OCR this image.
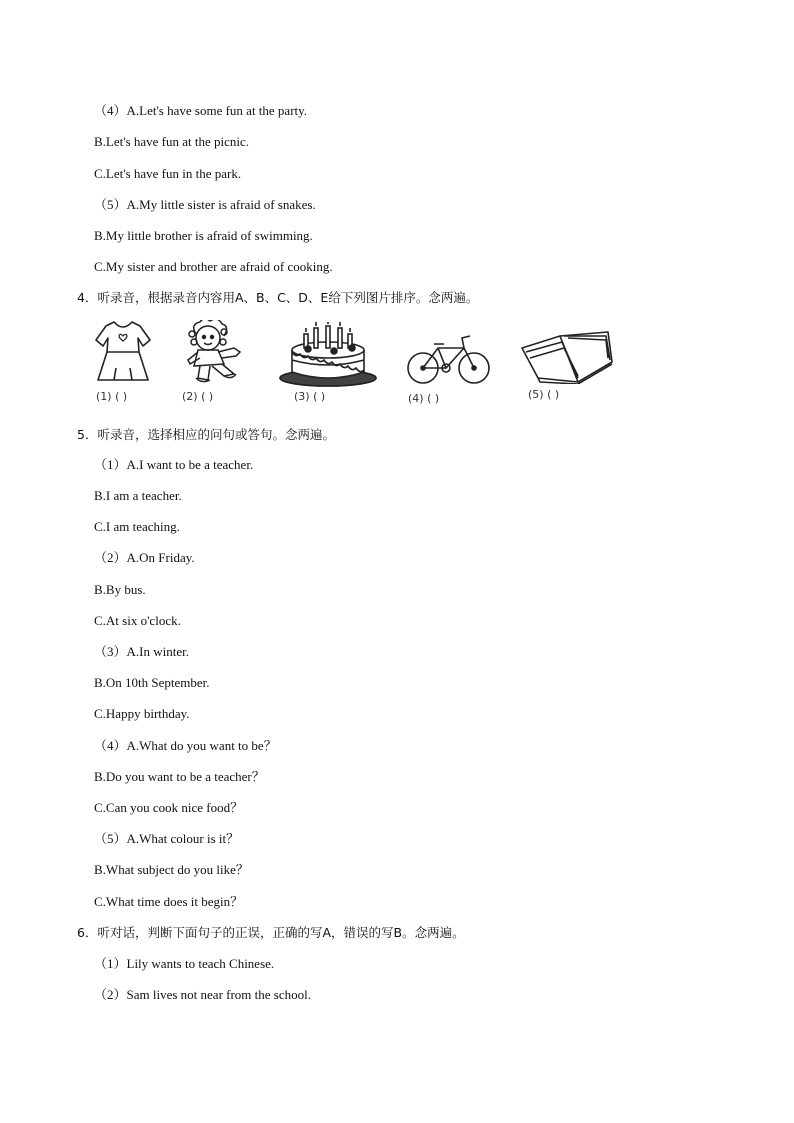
（4）A.Let's have some fun at the party.
B.Let's have fun at the picnic.
C.Let's have fun in the park.
（5）A.My little sister is afraid of snakes.
B.My little brother is afraid of swimming.
C.My sister and brother are afraid of cooking.
4．听录音，根据录音内容用A、B、C、D、E给下列图片排序。念两遍。
(1) ( )	(2) ( )	(3) ( )	(4) ( )	(5) ( )
5．听录音，选择相应的问句或答句。念两遍。
（1）A.I want to be a teacher.
B.I am a teacher.
C.I am teaching.
（2）A.On Friday.
B.By bus.
C.At six o'clock.
（3）A.In winter.
B.On 10th September.
C.Happy birthday.
（4）A.What do you want to be？
B.Do you want to be a teacher？
C.Can you cook nice food？
（5）A.What colour is it？
B.What subject do you like？
C.What time does it begin？
6．听对话，判断下面句子的正误，正确的写A，错误的写B。念两遍。
（1）Lily wants to teach Chinese.
（2）Sam lives not near from the school.
